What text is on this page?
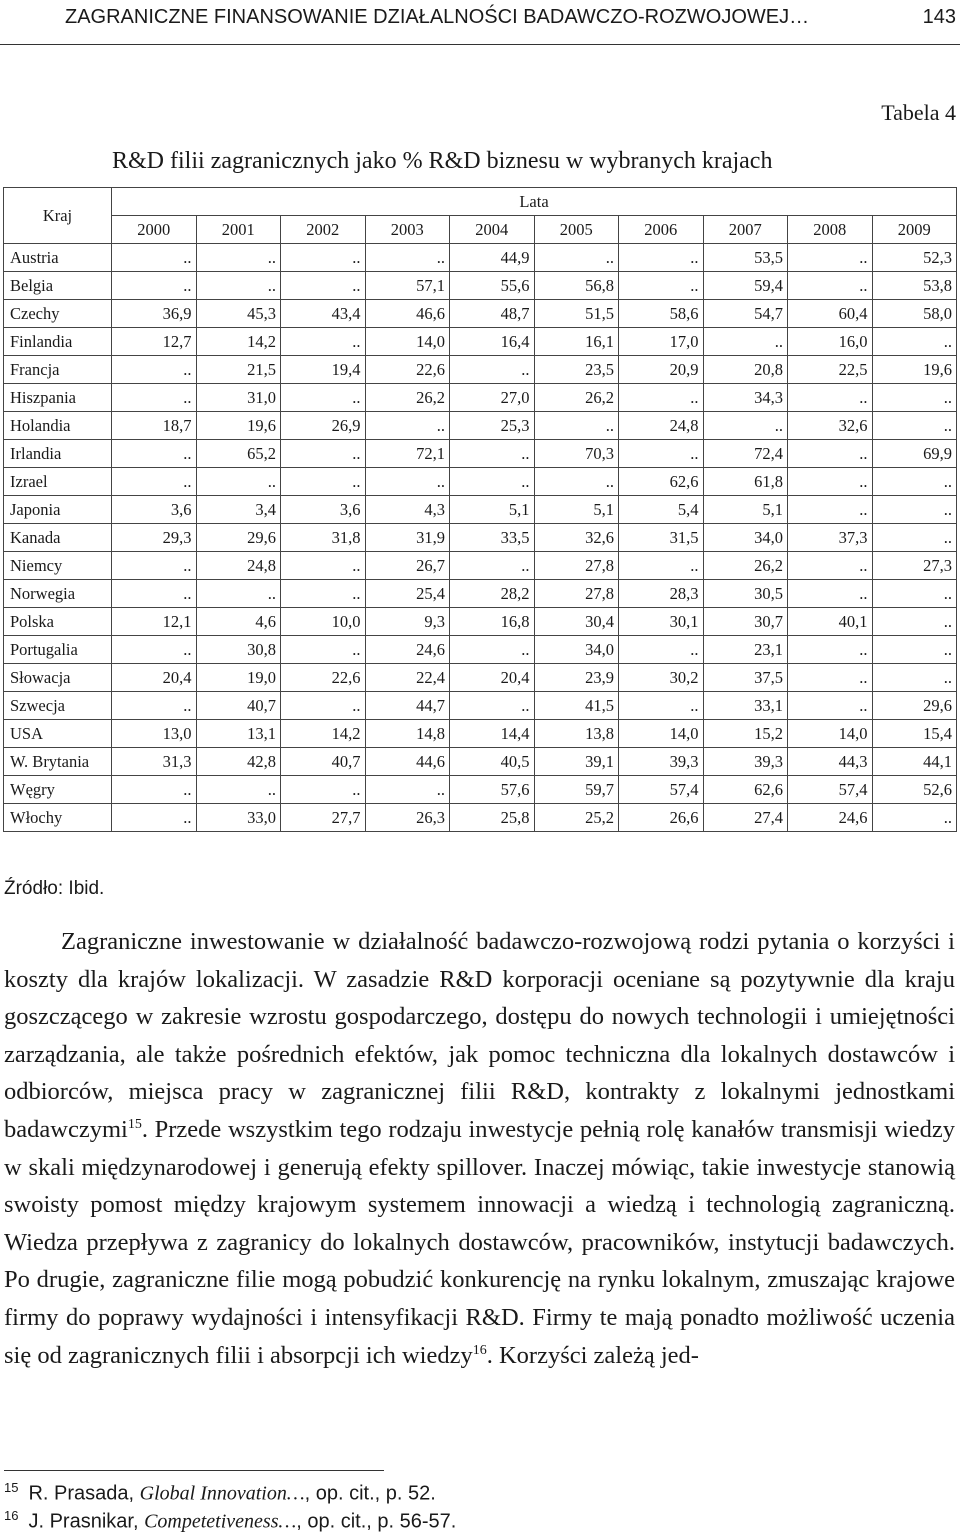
ZAGRANICZNE FINANSOWANIE DZIAŁALNOŚCI BADAWCZO-ROZWOJOWEJ…	143
Tabela 4
R&D filii zagranicznych jako % R&D biznesu w wybranych krajach
Kraj	Lata									
	2000	2001	2002	2003	2004	2005	2006	2007	2008	2009
Austria	..	..	..	..	44,9	..	..	53,5	..	52,3
Belgia	..	..	..	57,1	55,6	56,8	..	59,4	..	53,8
Czechy	36,9	45,3	43,4	46,6	48,7	51,5	58,6	54,7	60,4	58,0
Finlandia	12,7	14,2	..	14,0	16,4	16,1	17,0	..	16,0	..
Francja	..	21,5	19,4	22,6	..	23,5	20,9	20,8	22,5	19,6
Hiszpania	..	31,0	..	26,2	27,0	26,2	..	34,3	..	..
Holandia	18,7	19,6	26,9	..	25,3	..	24,8	..	32,6	..
Irlandia	..	65,2	..	72,1	..	70,3	..	72,4	..	69,9
Izrael	..	..	..	..	..	..	62,6	61,8	..	..
Japonia	3,6	3,4	3,6	4,3	5,1	5,1	5,4	5,1	..	..
Kanada	29,3	29,6	31,8	31,9	33,5	32,6	31,5	34,0	37,3	..
Niemcy	..	24,8	..	26,7	..	27,8	..	26,2	..	27,3
Norwegia	..	..	..	25,4	28,2	27,8	28,3	30,5	..	..
Polska	12,1	4,6	10,0	9,3	16,8	30,4	30,1	30,7	40,1	..
Portugalia	..	30,8	..	24,6	..	34,0	..	23,1	..	..
Słowacja	20,4	19,0	22,6	22,4	20,4	23,9	30,2	37,5	..	..
Szwecja	..	40,7	..	44,7	..	41,5	..	33,1	..	29,6
USA	13,0	13,1	14,2	14,8	14,4	13,8	14,0	15,2	14,0	15,4
W. Brytania	31,3	42,8	40,7	44,6	40,5	39,1	39,3	39,3	44,3	44,1
Węgry	..	..	..	..	57,6	59,7	57,4	62,6	57,4	52,6
Włochy	..	33,0	27,7	26,3	25,8	25,2	26,6	27,4	24,6	..
Źródło: Ibid.
Zagraniczne inwestowanie w działalność badawczo-rozwojową rodzi pytania o korzyści i koszty dla krajów lokalizacji. W zasadzie R&D korporacji oceniane są pozytywnie dla kraju goszczącego w zakresie wzrostu gospodarczego, dostępu do nowych technologii i umiejętności zarządzania, ale także pośrednich efektów, jak pomoc techniczna dla lokalnych dostawców i odbiorców, miejsca pracy w zagranicznej filii R&D, kontrakty z lokalnymi jednostkami badawczymi$^{15}$. Przede wszystkim tego rodzaju inwestycje pełnią rolę kanałów transmisji wiedzy w skali międzynarodowej i generują efekty spillover. Inaczej mówiąc, takie inwestycje stanowią swoisty pomost między krajowym systemem innowacji a wiedzą i technologią zagraniczną. Wiedza przepływa z zagranicy do lokalnych dostawców, pracowników, instytucji badawczych. Po drugie, zagraniczne filie mogą pobudzić konkurencję na rynku lokalnym, zmuszając krajowe firmy do poprawy wydajności i intensyfikacji R&D. Firmy te mają ponadto możliwość uczenia się od zagranicznych filii i absorpcji ich wiedzy$^{16}$. Korzyści zależą jed-
$^{15}$ R. Prasada, Global Innovation…, op. cit., p. 52.
$^{16}$ J. Prasnikar, Competetiveness…, op. cit., p. 56-57.
